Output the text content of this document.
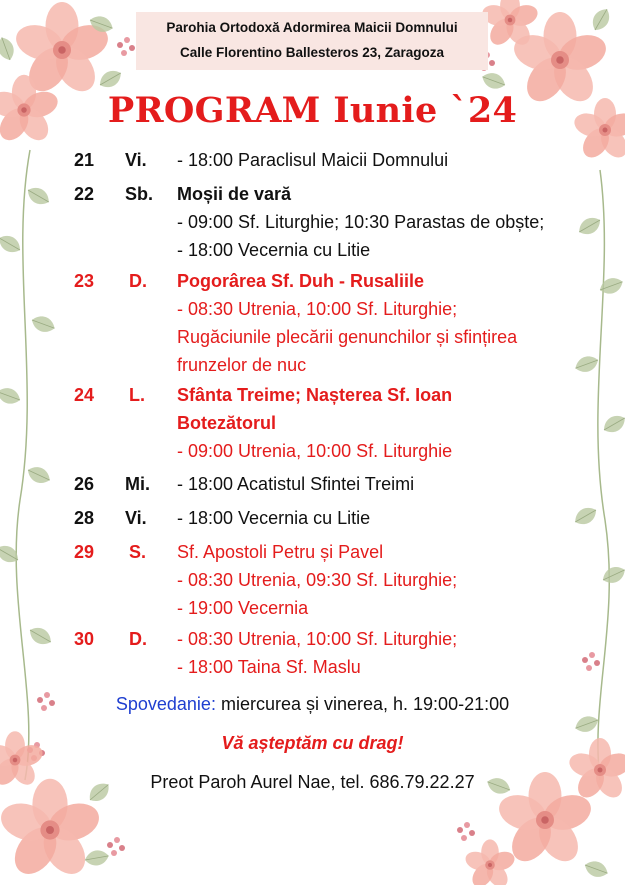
Parohia Ortodoxă Adormirea Maicii Domnului
Calle Florentino Ballesteros 23, Zaragoza
PROGRAM Iunie `24
21	Vi. - 18:00 Paraclisul Maicii Domnului
22	Sb. Moșii de vară
- 09:00 Sf. Liturghie; 10:30 Parastas de obște;
- 18:00 Vecernia cu Litie
23	D. Pogorârea Sf. Duh - Rusaliile
- 08:30 Utrenia, 10:00 Sf. Liturghie;
Rugăciunile plecării genunchilor și sfințirea
frunzelor de nuc
24	L. Sfânta Treime; Nașterea Sf. Ioan
Botezătorul
- 09:00 Utrenia, 10:00 Sf. Liturghie
26	Mi. - 18:00 Acatistul Sfintei Treimi
28	Vi. - 18:00 Vecernia cu Litie
29	S. Sf. Apostoli Petru și Pavel
- 08:30 Utrenia, 09:30 Sf. Liturghie;
- 19:00 Vecernia
30	D. - 08:30 Utrenia, 10:00 Sf. Liturghie;
- 18:00 Taina Sf. Maslu
Spovedanie: miercurea și vinerea, h. 19:00-21:00
Vă așteptăm cu drag!
Preot Paroh Aurel Nae, tel. 686.79.22.27
